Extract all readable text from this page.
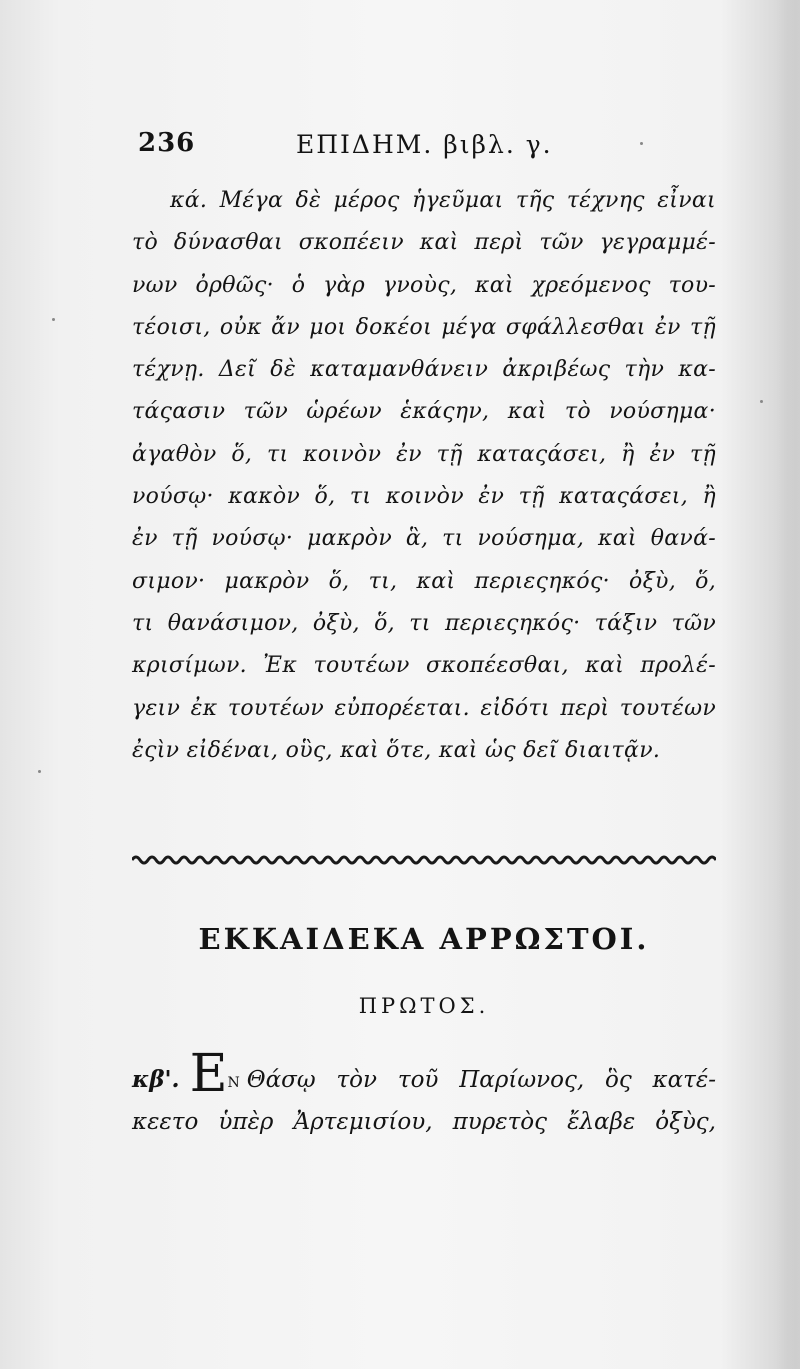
236	ΕΠΙΔΗΜ. βιβλ. γ.
κά. Μέγα δὲ μέρος ἡγεῦμαι τῆς τέχνης εἶναι
τὸ δύνασθαι σκοπέειν καὶ περὶ τῶν γεγραμμέ-
νων ὀρθῶς· ὁ γὰρ γνοὺς, καὶ χρεόμενος του-
τέοισι, οὐκ ἄν μοι δοκέοι μέγα σφάλλεσθαι ἐν τῇ
τέχνῃ. Δεῖ δὲ καταμανθάνειν ἀκριβέως τὴν κα-
τάςασιν τῶν ὡρέων ἑκάςην, καὶ τὸ νούσημα·
ἀγαθὸν ὅ, τι κοινὸν ἐν τῇ καταςάσει, ἢ ἐν τῇ
νούσῳ· κακὸν ὅ, τι κοινὸν ἐν τῇ καταςάσει, ἢ
ἐν τῇ νούσῳ· μακρὸν ἃ, τι νούσημα, καὶ θανά-
σιμον· μακρὸν ὅ, τι, καὶ περιεςηκός· ὀξὺ, ὅ,
τι θανάσιμον, ὀξὺ, ὅ, τι περιεςηκός· τάξιν τῶν
κρισίμων. Ἐκ τουτέων σκοπέεσθαι, καὶ προλέ-
γειν ἐκ τουτέων εὐπορέεται. εἰδότι περὶ τουτέων
ἐςὶν εἰδέναι, οὓς, καὶ ὅτε, καὶ ὡς δεῖ διαιτᾷν.
ΕΚΚΑΙΔΕΚΑ ΑΡΡΩΣΤΟΙ.
ΠΡΩΤΟΣ.
κβ'. ΕΝ Θάσῳ τὸν τοῦ Παρίωνος, ὃς κατέ-
κεετο ὑπὲρ Ἀρτεμισίου, πυρετὸς ἔλαβε ὀξὺς,
